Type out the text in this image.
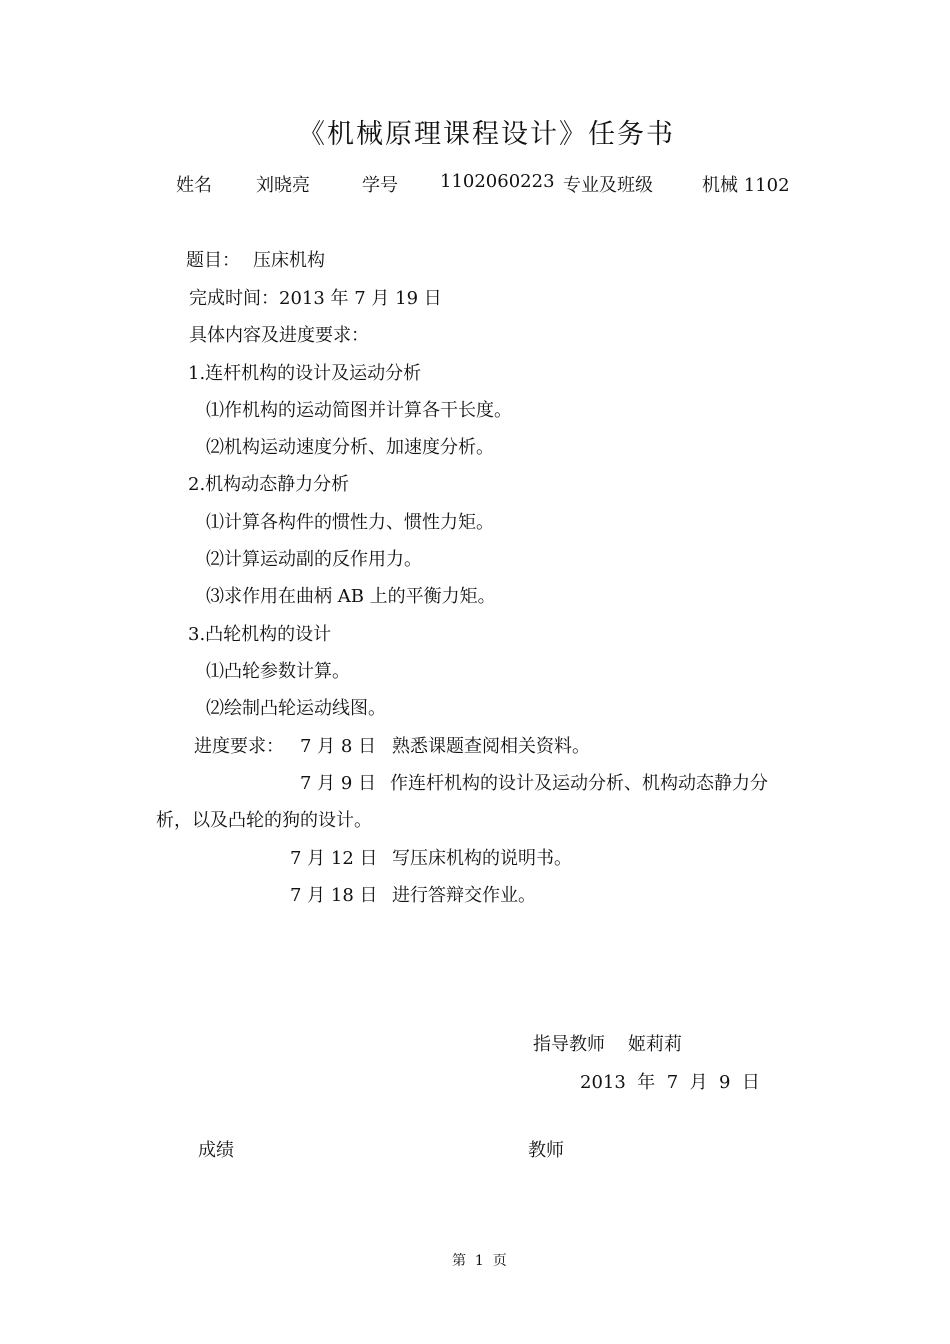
《机械原理课程设计》任务书
姓名 刘晓亮	学号 1102060223 专业及班级	机械 1102
题目： 压床机构
完成时间：2013 年 7 月 19 日
具体内容及进度要求：
1.连杆机构的设计及运动分析
⑴作机构的运动简图并计算各干长度。
⑵机构运动速度分析、加速度分析。
2.机构动态静力分析
⑴计算各构件的惯性力、惯性力矩。
⑵计算运动副的反作用力。
⑶求作用在曲柄 AB 上的平衡力矩。
3.凸轮机构的设计
⑴凸轮参数计算。
⑵绘制凸轮运动线图。
进度要求： 7 月 8 日 熟悉课题查阅相关资料。
7 月 9 日 作连杆机构的设计及运动分析、机构动态静力分
析，以及凸轮的狗的设计。
7 月 12 日 写压床机构的说明书。
7 月 18 日 进行答辩交作业。
指导教师 姬莉莉
2013  年  7  月  9  日
成绩	教师
第  1  页
